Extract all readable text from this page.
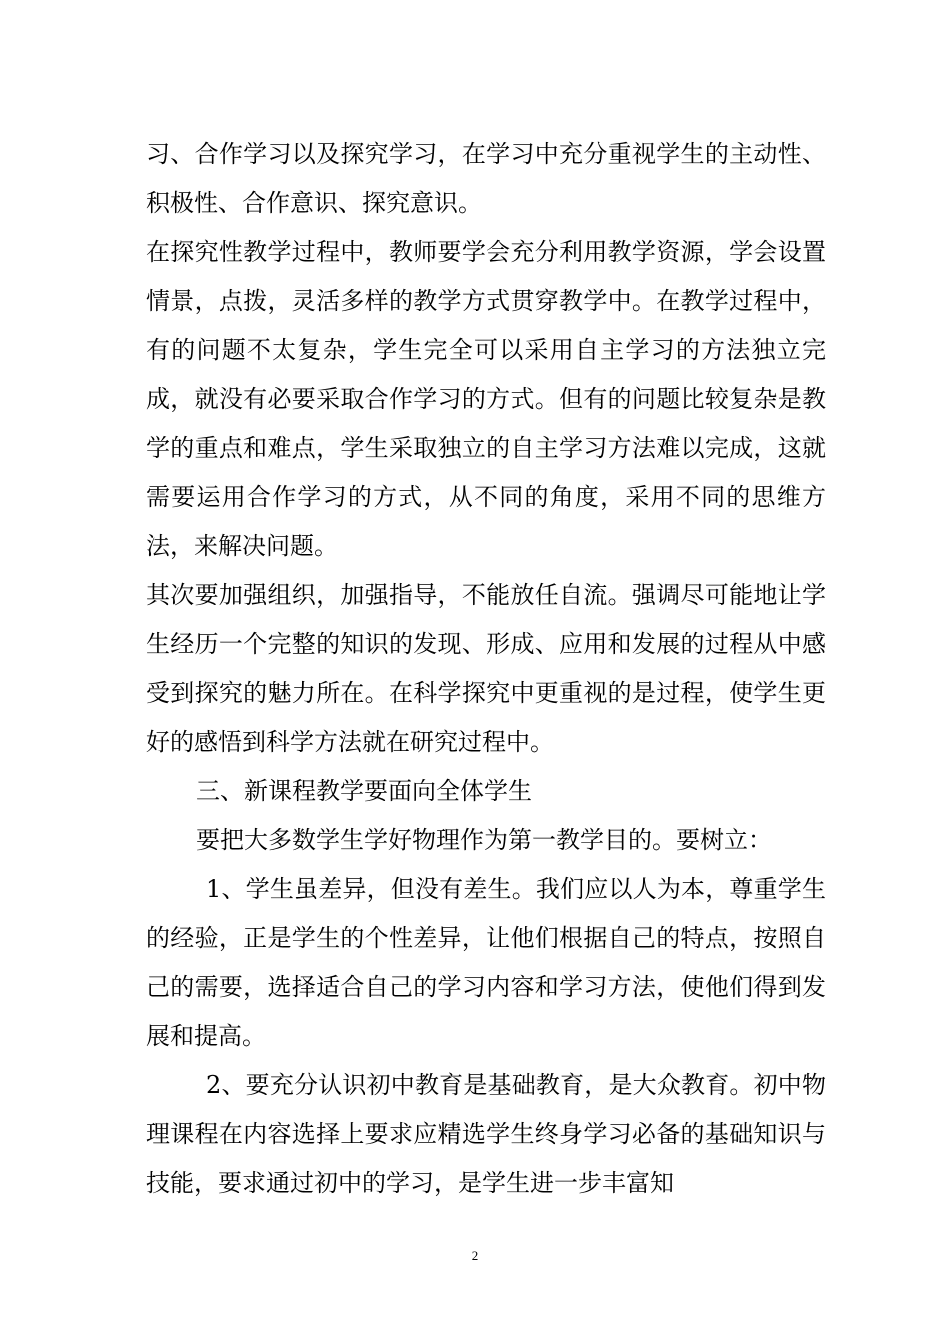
习、合作学习以及探究学习，在学习中充分重视学生的主动性、积极性、合作意识、探究意识。

在探究性教学过程中，教师要学会充分利用教学资源，学会设置情景，点拨，灵活多样的教学方式贯穿教学中。在教学过程中，有的问题不太复杂，学生完全可以采用自主学习的方法独立完成，就没有必要采取合作学习的方式。但有的问题比较复杂是教学的重点和难点，学生采取独立的自主学习方法难以完成，这就需要运用合作学习的方式，从不同的角度，采用不同的思维方法，来解决问题。

其次要加强组织，加强指导，不能放任自流。强调尽可能地让学生经历一个完整的知识的发现、形成、应用和发展的过程从中感受到探究的魅力所在。在科学探究中更重视的是过程，使学生更好的感悟到科学方法就在研究过程中。

三、新课程教学要面向全体学生

要把大多数学生学好物理作为第一教学目的。要树立：

1、学生虽差异，但没有差生。我们应以人为本，尊重学生的经验，正是学生的个性差异，让他们根据自己的特点，按照自己的需要，选择适合自己的学习内容和学习方法，使他们得到发展和提高。

2、要充分认识初中教育是基础教育，是大众教育。初中物理课程在内容选择上要求应精选学生终身学习必备的基础知识与技能，要求通过初中的学习，是学生进一步丰富知

2
